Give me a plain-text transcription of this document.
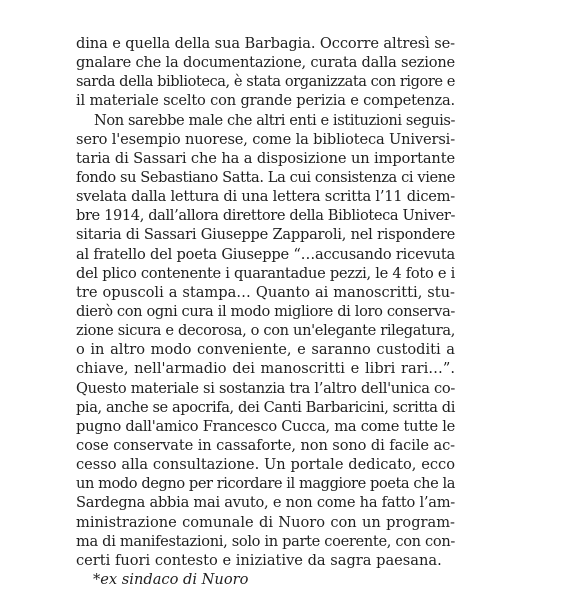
dina e quella della sua Barbagia. Occorre altresì se-
gnalare che la documentazione, curata dalla sezione
sarda della biblioteca, è stata organizzata con rigore e
il materiale scelto con grande perizia e competenza.
Non sarebbe male che altri enti e istituzioni seguis-
sero l'esempio nuorese, come la biblioteca Universi-
taria di Sassari che ha a disposizione un importante
fondo su Sebastiano Satta. La cui consistenza ci viene
svelata dalla lettura di una lettera scritta l’11 dicem-
bre 1914, dall’allora direttore della Biblioteca Univer-
sitaria di Sassari Giuseppe Zapparoli, nel rispondere
al fratello del poeta Giuseppe “…accusando ricevuta
del plico contenente i quarantadue pezzi, le 4 foto e i
tre opuscoli a stampa… Quanto ai manoscritti, stu-
dierò con ogni cura il modo migliore di loro conserva-
zione sicura e decorosa, o con un'elegante rilegatura,
o in altro modo conveniente, e saranno custoditi a
chiave, nell'armadio dei manoscritti e libri rari…”.
Questo materiale si sostanzia tra l’altro dell'unica co-
pia, anche se apocrifa, dei Canti Barbaricini, scritta di
pugno dall'amico Francesco Cucca, ma come tutte le
cose conservate in cassaforte, non sono di facile ac-
cesso alla consultazione. Un portale dedicato, ecco
un modo degno per ricordare il maggiore poeta che la
Sardegna abbia mai avuto, e non come ha fatto l’am-
ministrazione comunale di Nuoro con un program-
ma di manifestazioni, solo in parte coerente, con con-
certi fuori contesto e iniziative da sagra paesana.
*ex sindaco di Nuoro
